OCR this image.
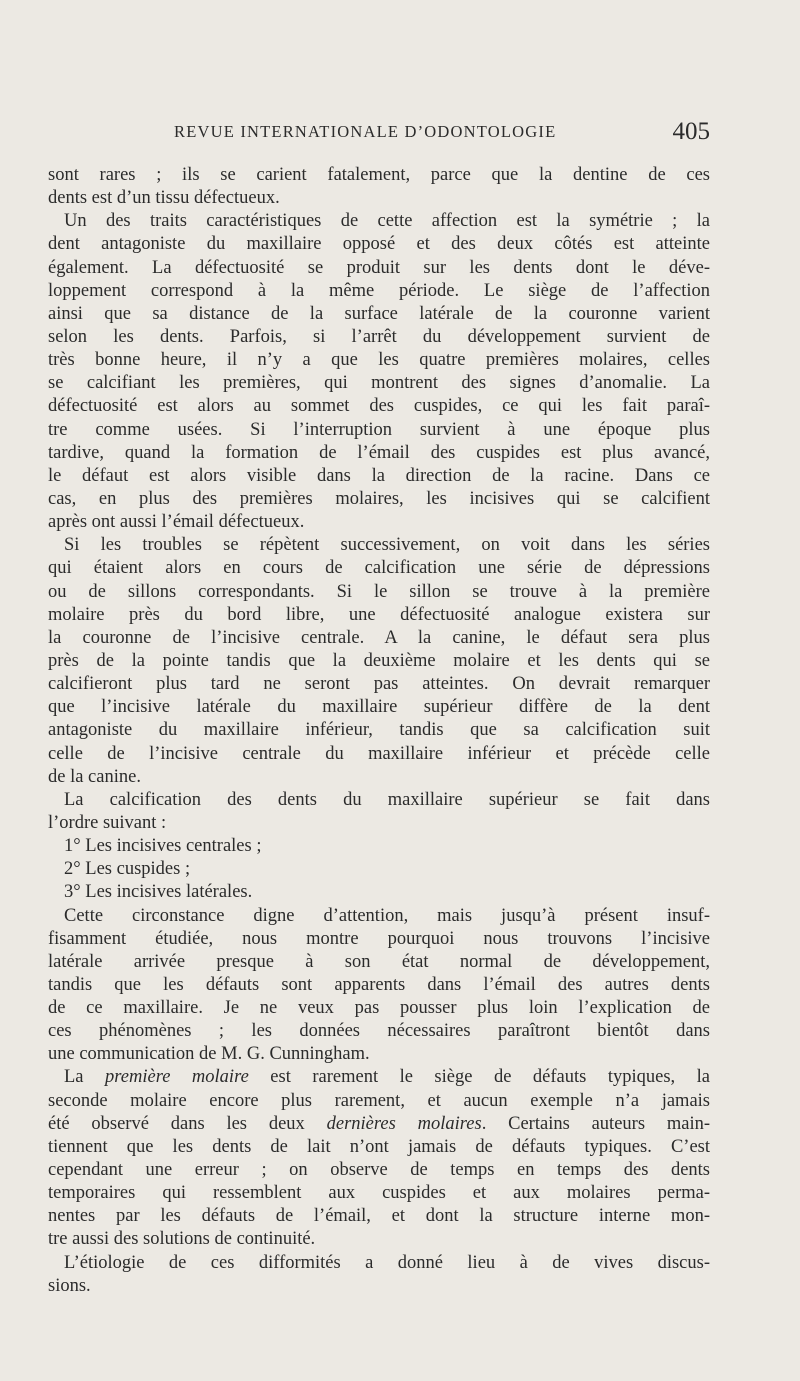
REVUE INTERNATIONALE D’ODONTOLOGIE	405
sont rares ; ils se carient fatalement, parce que la dentine de ces
dents est d’un tissu défectueux.
Un des traits caractéristiques de cette affection est la symétrie ; la
dent antagoniste du maxillaire opposé et des deux côtés est atteinte
également. La défectuosité se produit sur les dents dont le déve-
loppement correspond à la même période. Le siège de l’affection
ainsi que sa distance de la surface latérale de la couronne varient
selon les dents. Parfois, si l’arrêt du développement survient de
très bonne heure, il n’y a que les quatre premières molaires, celles
se calcifiant les premières, qui montrent des signes d’anomalie. La
défectuosité est alors au sommet des cuspides, ce qui les fait paraî-
tre comme usées. Si l’interruption survient à une époque plus
tardive, quand la formation de l’émail des cuspides est plus avancé,
le défaut est alors visible dans la direction de la racine. Dans ce
cas, en plus des premières molaires, les incisives qui se calcifient
après ont aussi l’émail défectueux.
Si les troubles se répètent successivement, on voit dans les séries
qui étaient alors en cours de calcification une série de dépressions
ou de sillons correspondants. Si le sillon se trouve à la première
molaire près du bord libre, une défectuosité analogue existera sur
la couronne de l’incisive centrale. A la canine, le défaut sera plus
près de la pointe tandis que la deuxième molaire et les dents qui se
calcifieront plus tard ne seront pas atteintes. On devrait remarquer
que l’incisive latérale du maxillaire supérieur diffère de la dent
antagoniste du maxillaire inférieur, tandis que sa calcification suit
celle de l’incisive centrale du maxillaire inférieur et précède celle
de la canine.
La calcification des dents du maxillaire supérieur se fait dans
l’ordre suivant :
1° Les incisives centrales ;
2° Les cuspides ;
3° Les incisives latérales.
Cette circonstance digne d’attention, mais jusqu’à présent insuf-
fisamment étudiée, nous montre pourquoi nous trouvons l’incisive
latérale arrivée presque à son état normal de développement,
tandis que les défauts sont apparents dans l’émail des autres dents
de ce maxillaire. Je ne veux pas pousser plus loin l’explication de
ces phénomènes ; les données nécessaires paraîtront bientôt dans
une communication de M. G. Cunningham.
La première molaire est rarement le siège de défauts typiques, la
seconde molaire encore plus rarement, et aucun exemple n’a jamais
été observé dans les deux dernières molaires. Certains auteurs main-
tiennent que les dents de lait n’ont jamais de défauts typiques. C’est
cependant une erreur ; on observe de temps en temps des dents
temporaires qui ressemblent aux cuspides et aux molaires perma-
nentes par les défauts de l’émail, et dont la structure interne mon-
tre aussi des solutions de continuité.
L’étiologie de ces difformités a donné lieu à de vives discus-
sions.
